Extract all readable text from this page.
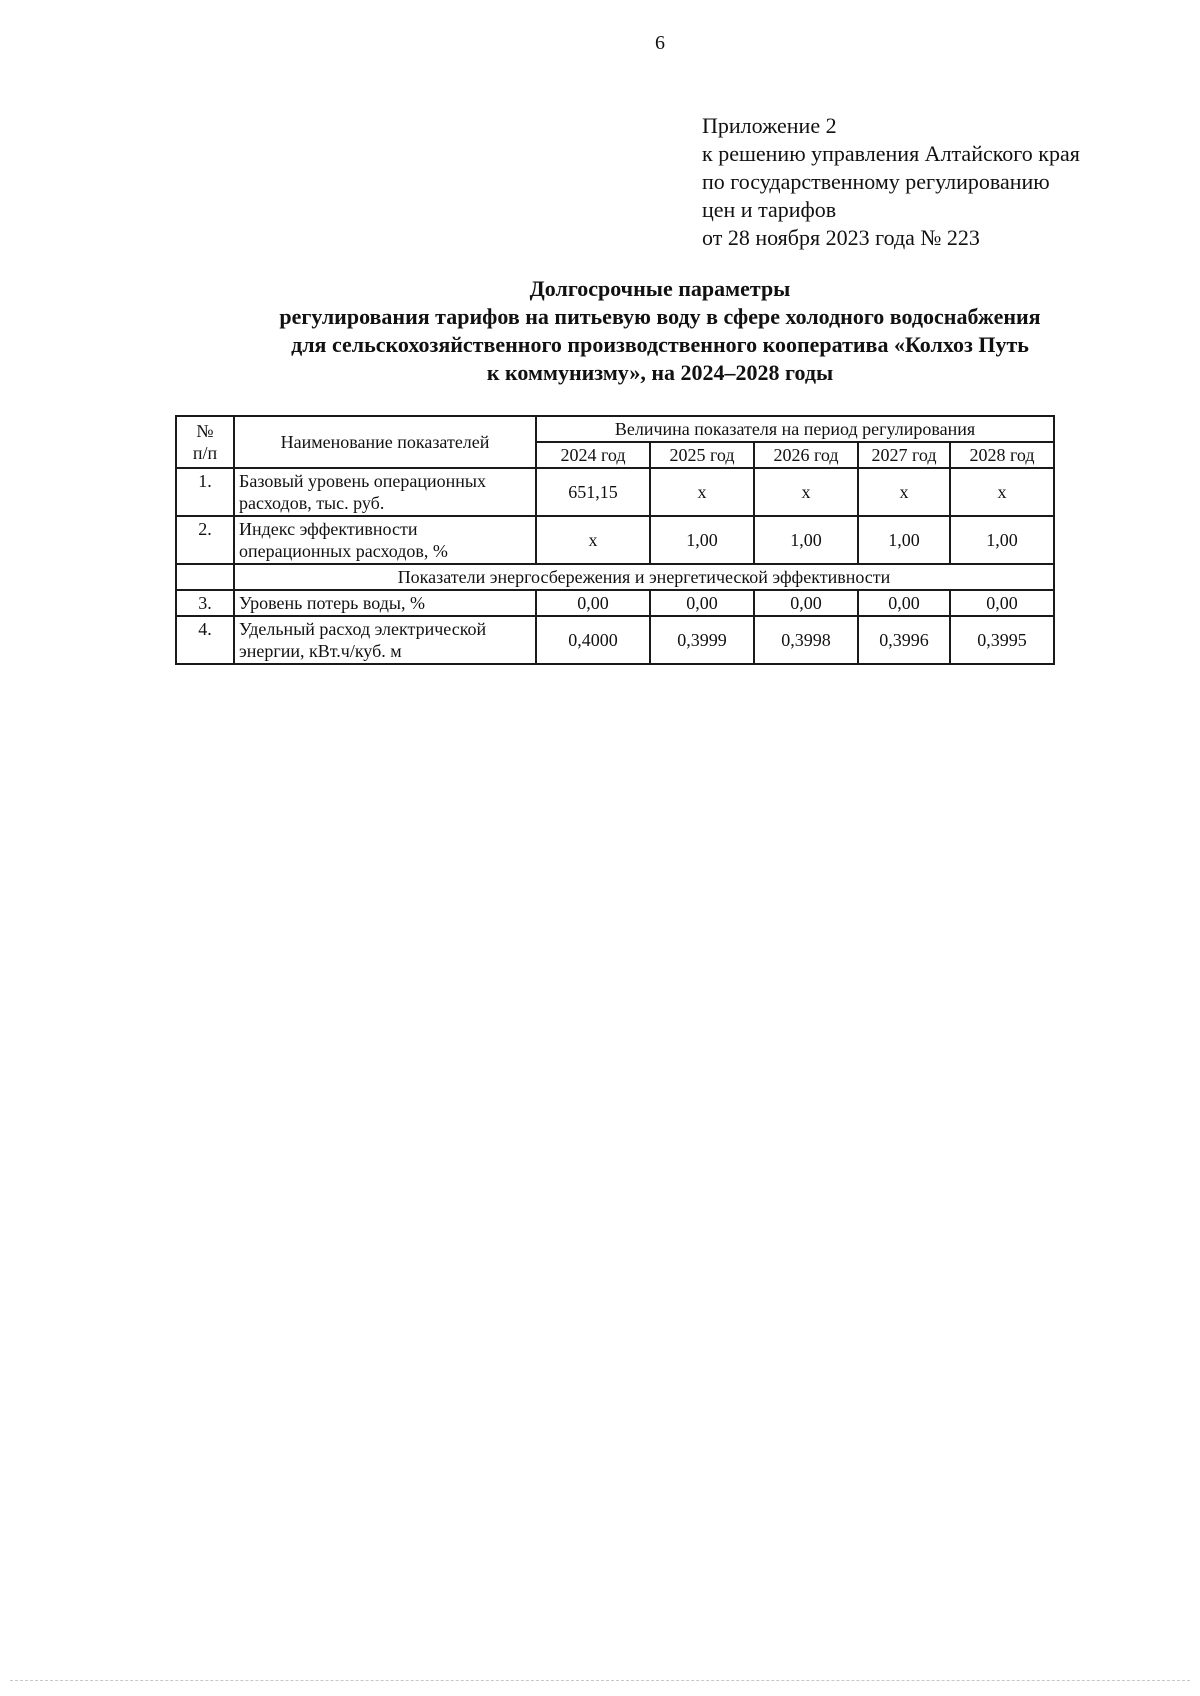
6
Приложение 2
к решению управления Алтайского края
по государственному регулированию
цен и тарифов
от 28 ноября 2023 года № 223
Долгосрочные параметры
регулирования тарифов на питьевую воду в сфере холодного водоснабжения
для сельскохозяйственного производственного кооператива «Колхоз Путь
к коммунизму», на 2024–2028 годы
№
п/п	Наименование показателей	Величина показателя на период регулирования				
		2024 год	2025 год	2026 год	2027 год	2028 год
1.	Базовый уровень операционных расходов, тыс. руб.	651,15	х	х	х	х
2.	Индекс эффективности операционных расходов, %	х	1,00	1,00	1,00	1,00
	Показатели энергосбережения и энергетической эффективности					
3.	Уровень потерь воды, %	0,00	0,00	0,00	0,00	0,00
4.	Удельный расход электрической энергии, кВт.ч/куб. м	0,4000	0,3999	0,3998	0,3996	0,3995
